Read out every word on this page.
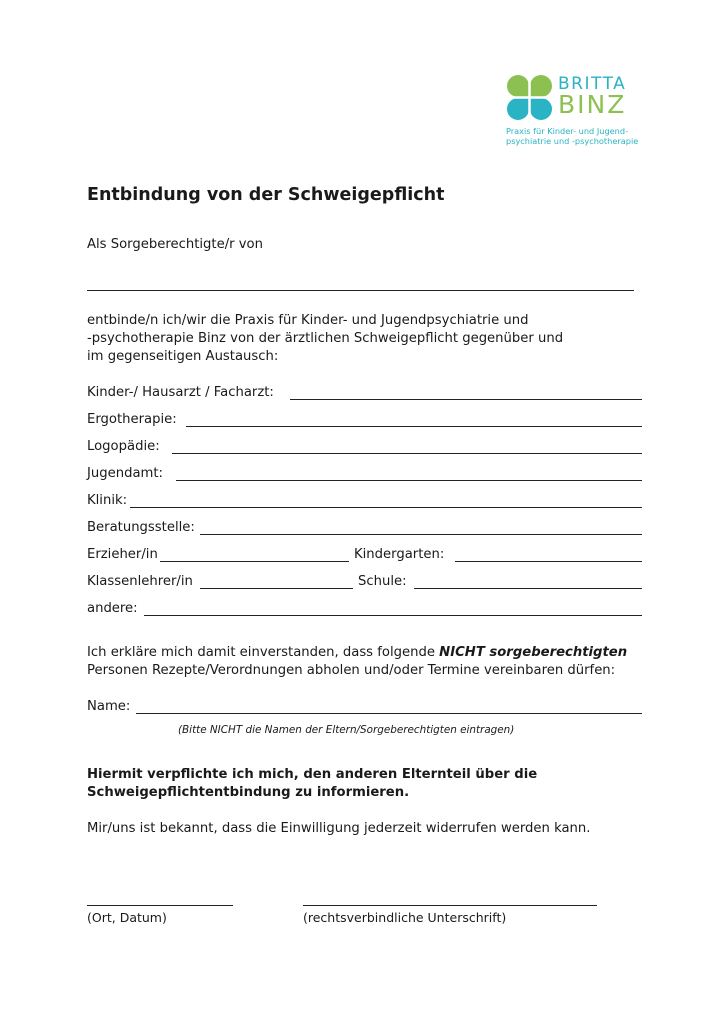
BRITTA
BINZ
Praxis für Kinder- und Jugend-
psychiatrie und -psychotherapie
Entbindung von der Schweigepflicht
Als Sorgeberechtigte/r von
entbinde/n ich/wir die Praxis für Kinder- und Jugendpsychiatrie und
-psychotherapie Binz von der ärztlichen Schweigepflicht gegenüber und
im gegenseitigen Austausch:
Kinder-/ Hausarzt / Facharzt:
Ergotherapie:
Logopädie:
Jugendamt:
Klinik:
Beratungsstelle:
Erzieher/in	Kindergarten:
Klassenlehrer/in	Schule:
andere:
Ich erkläre mich damit einverstanden, dass folgende NICHT sorgeberechtigten
Personen Rezepte/Verordnungen abholen und/oder Termine vereinbaren dürfen:
Name:
(Bitte NICHT die Namen der Eltern/Sorgeberechtigten eintragen)
Hiermit verpflichte ich mich, den anderen Elternteil über die
Schweigepflichtentbindung zu informieren.
Mir/uns ist bekannt, dass die Einwilligung jederzeit widerrufen werden kann.
(Ort, Datum)	(rechtsverbindliche Unterschrift)
